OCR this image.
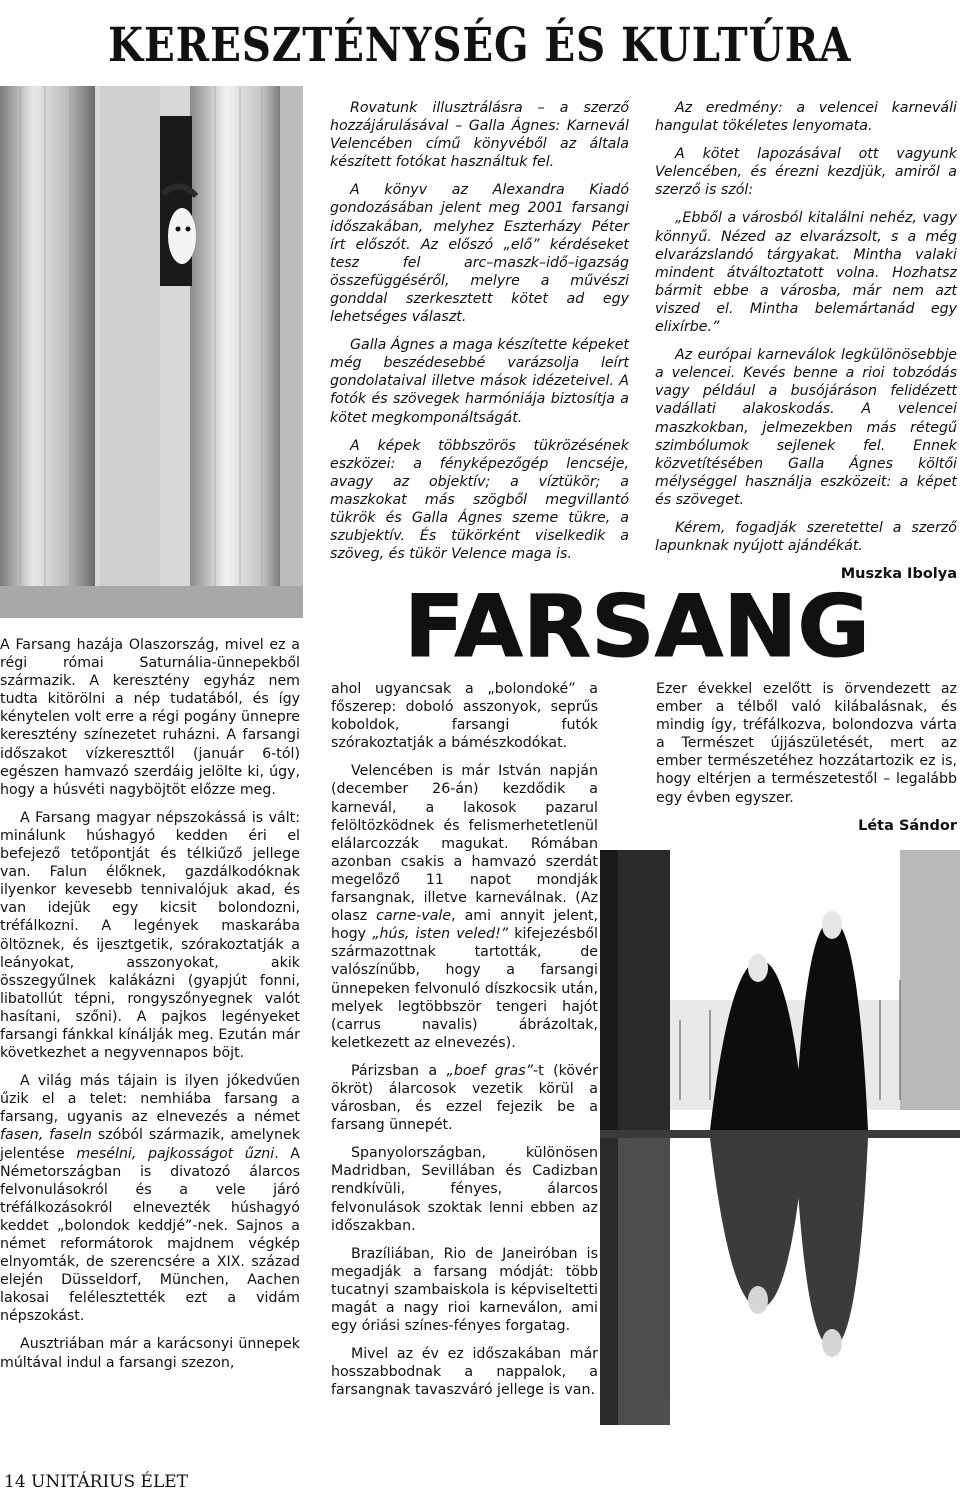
KERESZTÉNYSÉG ÉS KULTÚRA

Rovatunk illusztrálásra – a szerző hozzájárulásával – Galla Ágnes: Karnevál Velencében című könyvéből az általa készített fotókat használtuk fel.

A könyv az Alexandra Kiadó gondozásában jelent meg 2001 farsangi időszakában, melyhez Eszterházy Péter írt előszót. Az előszó „elő” kérdéseket tesz fel arc–maszk–idő–igazság összefüggéséről, melyre a művészi gonddal szerkesztett kötet ad egy lehetséges választ.

Galla Ágnes a maga készítette képeket még beszédesebbé varázsolja leírt gondolataival illetve mások idézeteivel. A fotók és szövegek harmóniája biztosítja a kötet megkomponáltságát.

A képek többszörös tükrözésének eszközei: a fényképezőgép lencséje, avagy az objektív; a víztükör; a maszkokat más szögből megvillantó tükrök és Galla Ágnes szeme tükre, a szubjektív. És tükörként viselkedik a szöveg, és tükör Velence maga is.

Az eredmény: a velencei karneváli hangulat tökéletes lenyomata.

A kötet lapozásával ott vagyunk Velencében, és érezni kezdjük, amiről a szerző is szól:

„Ebből a városból kitalálni nehéz, vagy könnyű. Nézed az elvarázsolt, s a még elvarázslandó tárgyakat. Mintha valaki mindent átváltoztatott volna. Hozhatsz bármit ebbe a városba, már nem azt viszed el. Mintha belemártanád egy elixírbe.”

Az európai karneválok legkülönösebbje a velencei. Kevés benne a rioi tobzódás vagy például a busójáráson felidézett vadállati alakoskodás. A velencei maszkokban, jelmezekben más rétegű szimbólumok sejlenek fel. Ennek közvetítésében Galla Ágnes költői mélységgel használja eszközeit: a képet és szöveget.

Kérem, fogadják szeretettel a szerző lapunknak nyújott ajándékát.

Muszka Ibolya

FARSANG

A Farsang hazája Olaszország, mivel ez a régi római Saturnália-ünnepekből származik. A keresztény egyház nem tudta kitörölni a nép tudatából, és így kénytelen volt erre a régi pogány ünnepre keresztény színezetet ruházni. A farsangi időszakot vízkereszttől (január 6-tól) egészen hamvazó szerdáig jelölte ki, úgy, hogy a húsvéti nagyböjtöt előzze meg.

A Farsang magyar népszokássá is vált: minálunk húshagyó kedden éri el befejező tetőpontját és télkiűző jellege van. Falun élőknek, gazdálkodóknak ilyenkor kevesebb tennivalójuk akad, és van idejük egy kicsit bolondozni, tréfálkozni. A legények maskarába öltöznek, és ijesztgetik, szórakoztatják a leányokat, asszonyokat, akik összegyűlnek kalákázni (gyapjút fonni, libatollút tépni, rongyszőnyegnek valót hasítani, szőni). A pajkos legényeket farsangi fánkkal kínálják meg. Ezután már következhet a negyvennapos böjt.

A világ más tájain is ilyen jókedvűen űzik el a telet: nemhiába farsang a farsang, ugyanis az elnevezés a német fasen, faseln szóból származik, amelynek jelentése mesélni, pajkosságot űzni. A Németországban is divatozó álarcos felvonulásokról és a vele járó tréfálkozásokról elnevezték húshagyó keddet „bolondok keddjé”-nek. Sajnos a német reformátorok majdnem végkép elnyomták, de szerencsére a XIX. század elején Düsseldorf, München, Aachen lakosai felélesztették ezt a vidám népszokást.

Ausztriában már a karácsonyi ünnepek múltával indul a farsangi szezon,

ahol ugyancsak a „bolondoké” a főszerep: doboló asszonyok, seprűs koboldok, farsangi futók szórakoztatják a bámészkodókat.

Velencében is már István napján (december 26-án) kezdődik a karnevál, a lakosok pazarul felöltözködnek és felismerhetetlenül elálarcozzák magukat. Rómában azonban csakis a hamvazó szerdát megelőző 11 napot mondják farsangnak, illetve karneválnak. (Az olasz carne-vale, ami annyit jelent, hogy „hús, isten veled!” kifejezésből származottnak tartották, de valószínűbb, hogy a farsangi ünnepeken felvonuló díszkocsik után, melyek legtöbbször tengeri hajót (carrus navalis) ábrázoltak, keletkezett az elnevezés).

Párizsban a „boef gras”-t (kövér ökröt) álarcosok vezetik körül a városban, és ezzel fejezik be a farsang ünnepét.

Spanyolországban, különösen Madridban, Sevillában és Cadizban rendkívüli, fényes, álarcos felvonulások szoktak lenni ebben az időszakban.

Brazíliában, Rio de Janeiróban is megadják a farsang módját: több tucatnyi szambaiskola is képviseltetti magát a nagy rioi karneválon, ami egy óriási színes-fényes forgatag.

Mivel az év ez időszakában már hosszabbodnak a nappalok, a farsangnak tavaszváró jellege is van.

Ezer évekkel ezelőtt is örvendezett az ember a télből való kilábalásnak, és mindig így, tréfálkozva, bolondozva várta a Természet újjászületését, mert az ember természetéhez hozzátartozik ez is, hogy eltérjen a természetestől – legalább egy évben egyszer.

Léta Sándor

14 UNITÁRIUS ÉLET
